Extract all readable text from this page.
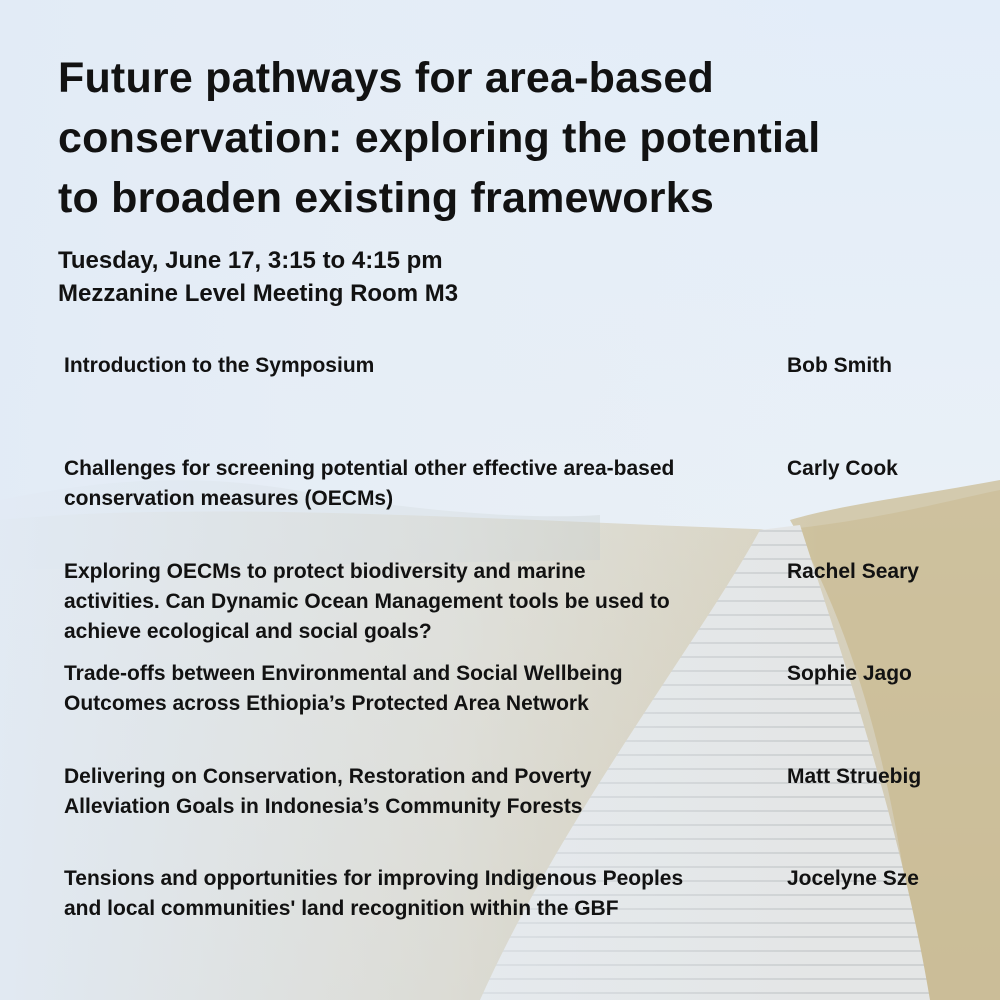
Future pathways for area-based
conservation: exploring the potential
to broaden existing frameworks
Tuesday, June 17, 3:15 to 4:15 pm
Mezzanine Level Meeting Room M3
Introduction to the Symposium	Bob Smith
Challenges for screening potential other effective area-based
conservation measures (OECMs)
Carly Cook
Exploring OECMs to protect biodiversity and marine
activities. Can Dynamic Ocean Management tools be used to
achieve ecological and social goals?
Rachel Seary
Trade-offs between Environmental and Social Wellbeing
Outcomes across Ethiopia’s Protected Area Network
Sophie Jago
Delivering on Conservation, Restoration and Poverty
Alleviation Goals in Indonesia’s Community Forests
Matt Struebig
Tensions and opportunities for improving Indigenous Peoples
and local communities' land recognition within the GBF
Jocelyne Sze
